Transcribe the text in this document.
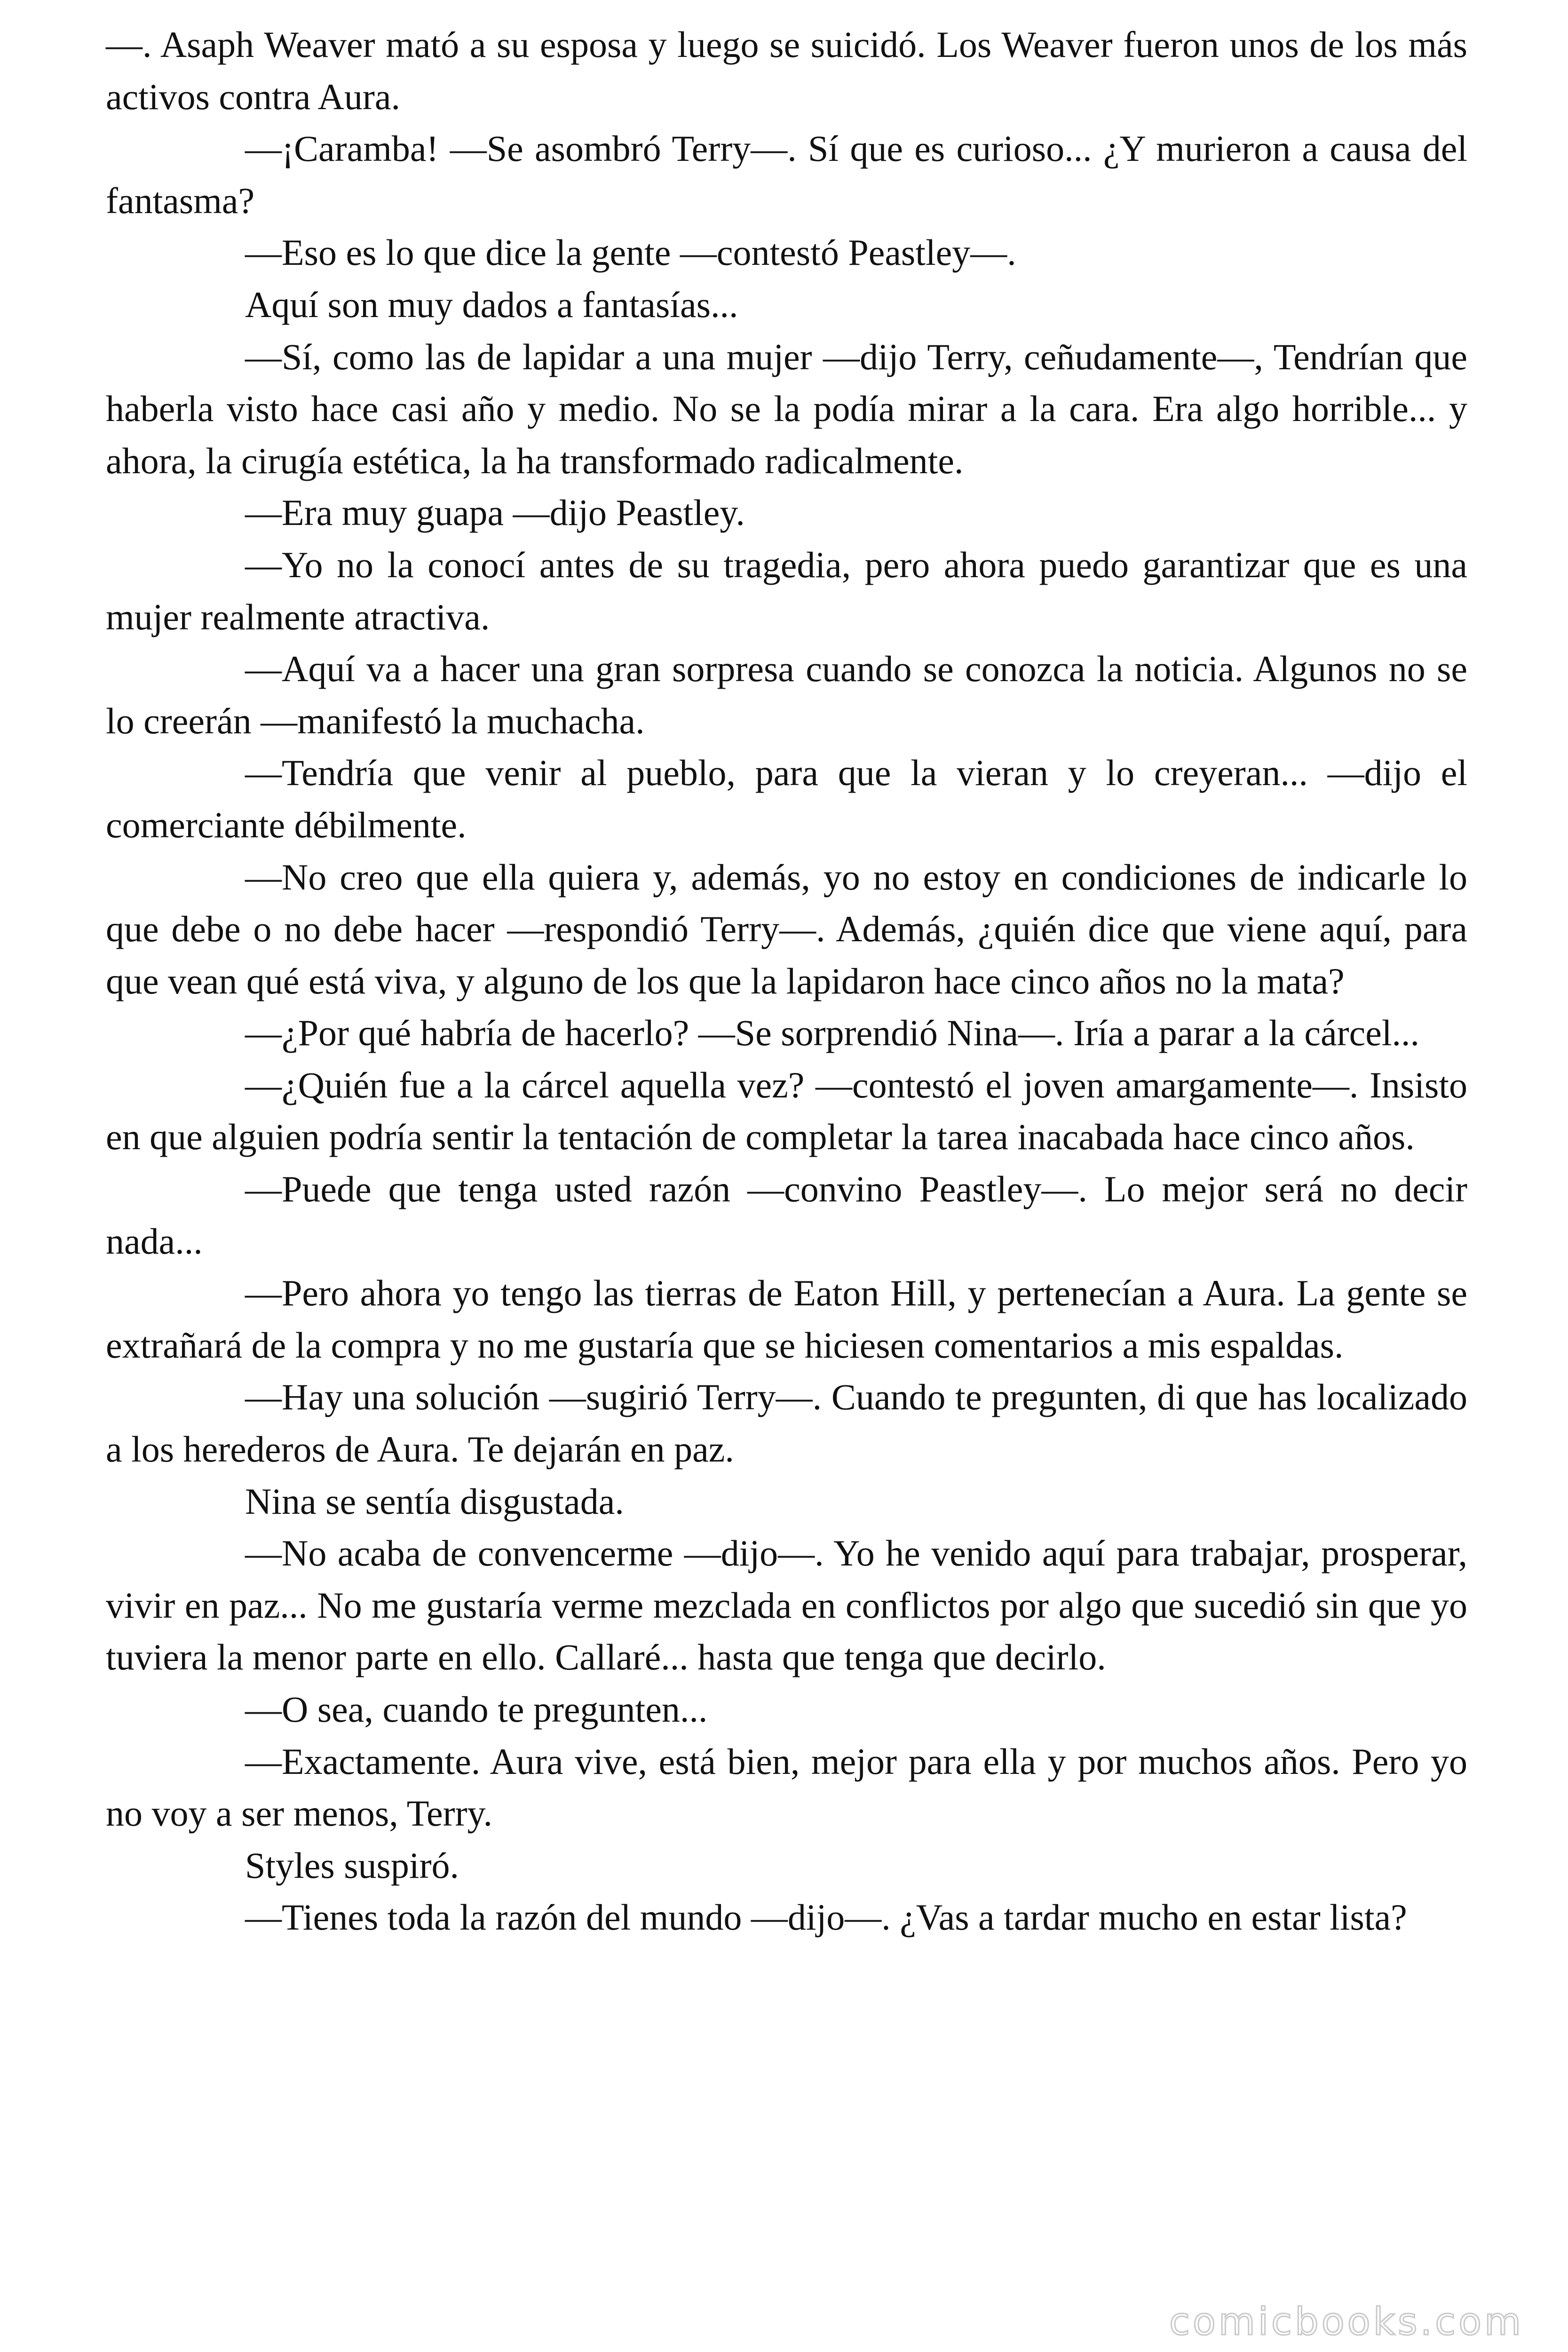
—. Asaph Weaver mató a su esposa y luego se suicidó. Los Weaver fueron unos de los más activos contra Aura.

—¡Caramba! —Se asombró Terry—. Sí que es curioso... ¿Y murieron a causa del fantasma?

—Eso es lo que dice la gente —contestó Peastley—.

Aquí son muy dados a fantasías...

—Sí, como las de lapidar a una mujer —dijo Terry, ceñudamente—, Tendrían que haberla visto hace casi año y medio. No se la podía mirar a la cara. Era algo horrible... y ahora, la cirugía estética, la ha transformado radicalmente.

—Era muy guapa —dijo Peastley.

—Yo no la conocí antes de su tragedia, pero ahora puedo garantizar que es una mujer realmente atractiva.

—Aquí va a hacer una gran sorpresa cuando se conozca la noticia. Algunos no se lo creerán —manifestó la muchacha.

—Tendría que venir al pueblo, para que la vieran y lo creyeran... —dijo el comerciante débilmente.

—No creo que ella quiera y, además, yo no estoy en condiciones de indicarle lo que debe o no debe hacer —respondió Terry—. Además, ¿quién dice que viene aquí, para que vean qué está viva, y alguno de los que la lapidaron hace cinco años no la mata?

—¿Por qué habría de hacerlo? —Se sorprendió Nina—. Iría a parar a la cárcel...

—¿Quién fue a la cárcel aquella vez? —contestó el joven amargamente—. Insisto en que alguien podría sentir la tentación de completar la tarea inacabada hace cinco años.

—Puede que tenga usted razón —convino Peastley—. Lo mejor será no decir nada...

—Pero ahora yo tengo las tierras de Eaton Hill, y pertenecían a Aura. La gente se extrañará de la compra y no me gustaría que se hiciesen comentarios a mis espaldas.

—Hay una solución —sugirió Terry—. Cuando te pregunten, di que has localizado a los herederos de Aura. Te dejarán en paz.

Nina se sentía disgustada.

—No acaba de convencerme —dijo—. Yo he venido aquí para trabajar, prosperar, vivir en paz... No me gustaría verme mezclada en conflictos por algo que sucedió sin que yo tuviera la menor parte en ello. Callaré... hasta que tenga que decirlo.

—O sea, cuando te pregunten...

—Exactamente. Aura vive, está bien, mejor para ella y por muchos años. Pero yo no voy a ser menos, Terry.

Styles suspiró.

—Tienes toda la razón del mundo —dijo—. ¿Vas a tardar mucho en estar lista?

comicbooks.com
